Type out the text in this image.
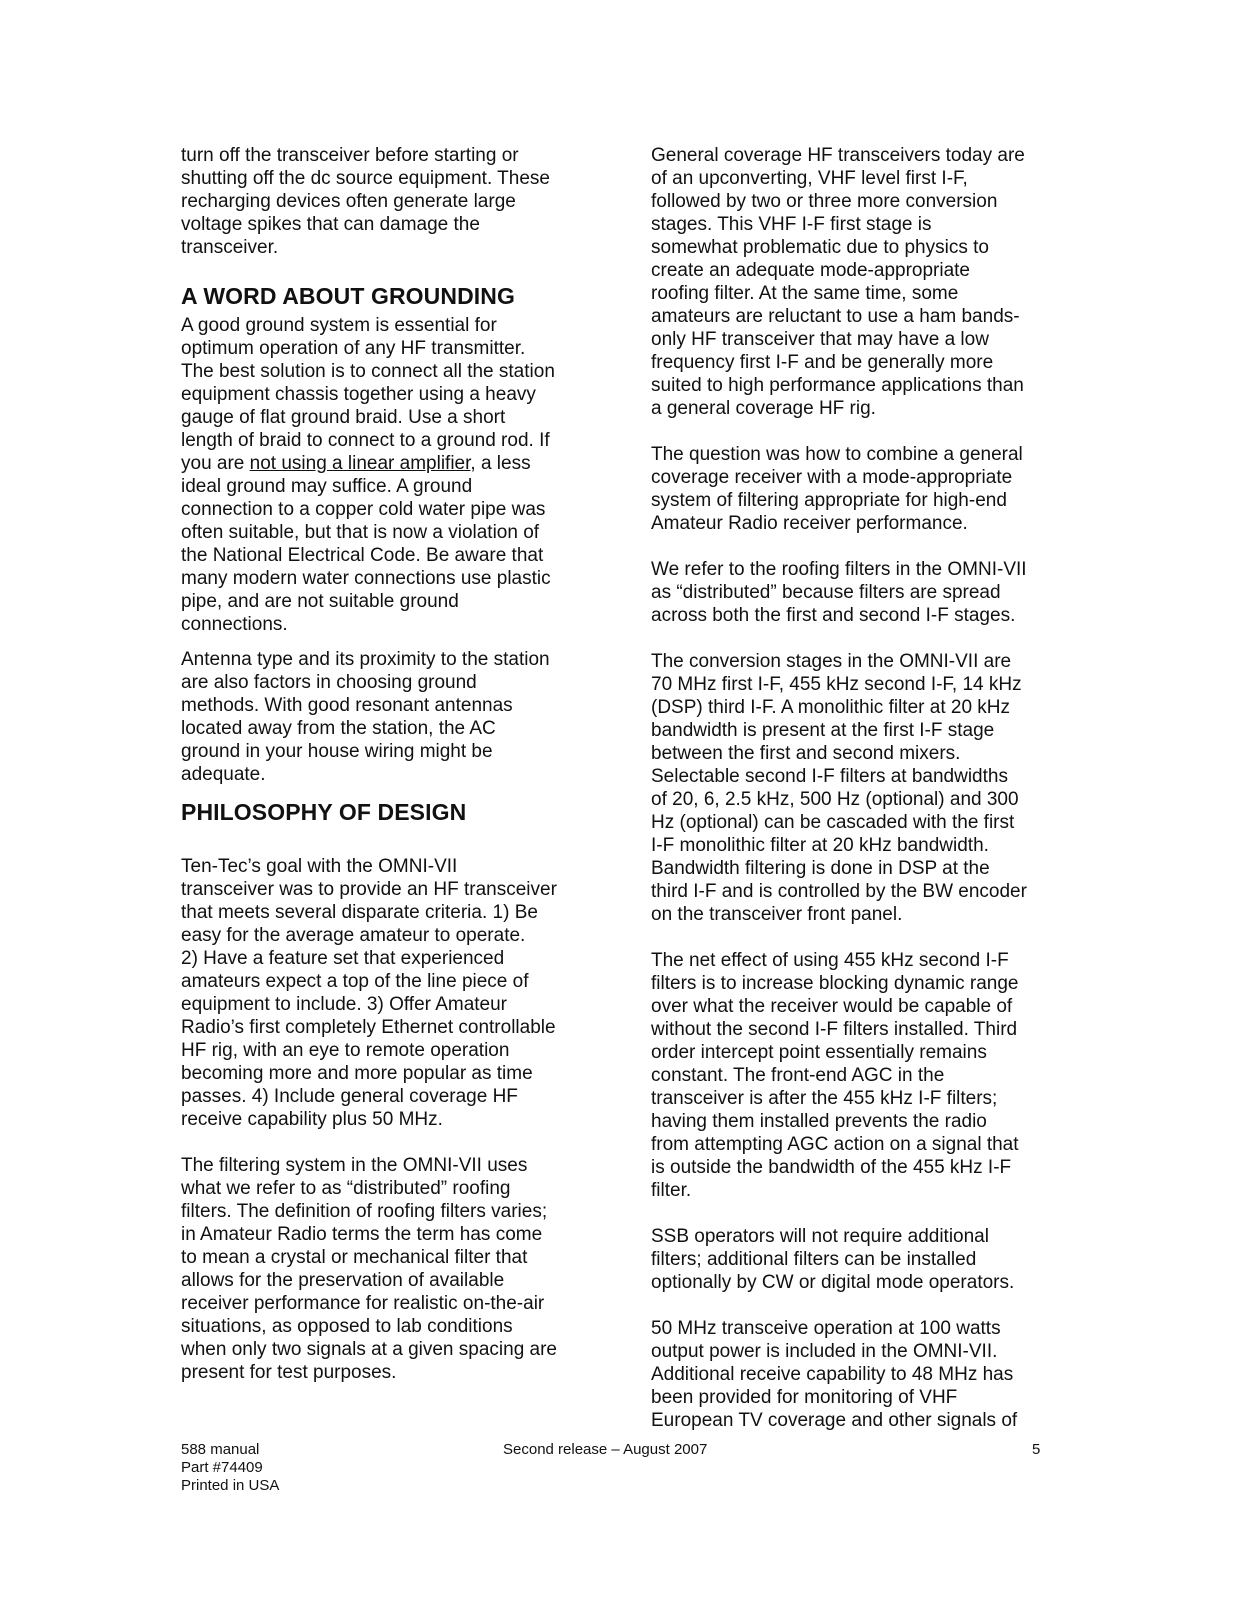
turn off the transceiver before starting or
shutting off the dc source equipment. These
recharging devices often generate large
voltage spikes that can damage the
transceiver.

A WORD ABOUT GROUNDING

A good ground system is essential for
optimum operation of any HF transmitter.
The best solution is to connect all the station
equipment chassis together using a heavy
gauge of flat ground braid. Use a short
length of braid to connect to a ground rod. If
you are not using a linear amplifier, a less
ideal ground may suffice. A ground
connection to a copper cold water pipe was
often suitable, but that is now a violation of
the National Electrical Code. Be aware that
many modern water connections use plastic
pipe, and are not suitable ground
connections.

Antenna type and its proximity to the station
are also factors in choosing ground
methods. With good resonant antennas
located away from the station, the AC
ground in your house wiring might be
adequate.

PHILOSOPHY OF DESIGN

Ten-Tec’s goal with the OMNI-VII
transceiver was to provide an HF transceiver
that meets several disparate criteria. 1) Be
easy for the average amateur to operate.
2) Have a feature set that experienced
amateurs expect a top of the line piece of
equipment to include. 3) Offer Amateur
Radio’s first completely Ethernet controllable
HF rig, with an eye to remote operation
becoming more and more popular as time
passes. 4) Include general coverage HF
receive capability plus 50 MHz.

The filtering system in the OMNI-VII uses
what we refer to as “distributed” roofing
filters. The definition of roofing filters varies;
in Amateur Radio terms the term has come
to mean a crystal or mechanical filter that
allows for the preservation of available
receiver performance for realistic on-the-air
situations, as opposed to lab conditions
when only two signals at a given spacing are
present for test purposes.

General coverage HF transceivers today are
of an upconverting, VHF level first I-F,
followed by two or three more conversion
stages. This VHF I-F first stage is
somewhat problematic due to physics to
create an adequate mode-appropriate
roofing filter. At the same time, some
amateurs are reluctant to use a ham bands-
only HF transceiver that may have a low
frequency first I-F and be generally more
suited to high performance applications than
a general coverage HF rig.

The question was how to combine a general
coverage receiver with a mode-appropriate
system of filtering appropriate for high-end
Amateur Radio receiver performance.

We refer to the roofing filters in the OMNI-VII
as “distributed” because filters are spread
across both the first and second I-F stages.

The conversion stages in the OMNI-VII are
70 MHz first I-F, 455 kHz second I-F, 14 kHz
(DSP) third I-F. A monolithic filter at 20 kHz
bandwidth is present at the first I-F stage
between the first and second mixers.
Selectable second I-F filters at bandwidths
of 20, 6, 2.5 kHz, 500 Hz (optional) and 300
Hz (optional) can be cascaded with the first
I-F monolithic filter at 20 kHz bandwidth.
Bandwidth filtering is done in DSP at the
third I-F and is controlled by the BW encoder
on the transceiver front panel.

The net effect of using 455 kHz second I-F
filters is to increase blocking dynamic range
over what the receiver would be capable of
without the second I-F filters installed. Third
order intercept point essentially remains
constant. The front-end AGC in the
transceiver is after the 455 kHz I-F filters;
having them installed prevents the radio
from attempting AGC action on a signal that
is outside the bandwidth of the 455 kHz I-F
filter.

SSB operators will not require additional
filters; additional filters can be installed
optionally by CW or digital mode operators.

50 MHz transceive operation at 100 watts
output power is included in the OMNI-VII.
Additional receive capability to 48 MHz has
been provided for monitoring of VHF
European TV coverage and other signals of

588 manual
Part #74409
Printed in USA
Second release – August 2007	5
